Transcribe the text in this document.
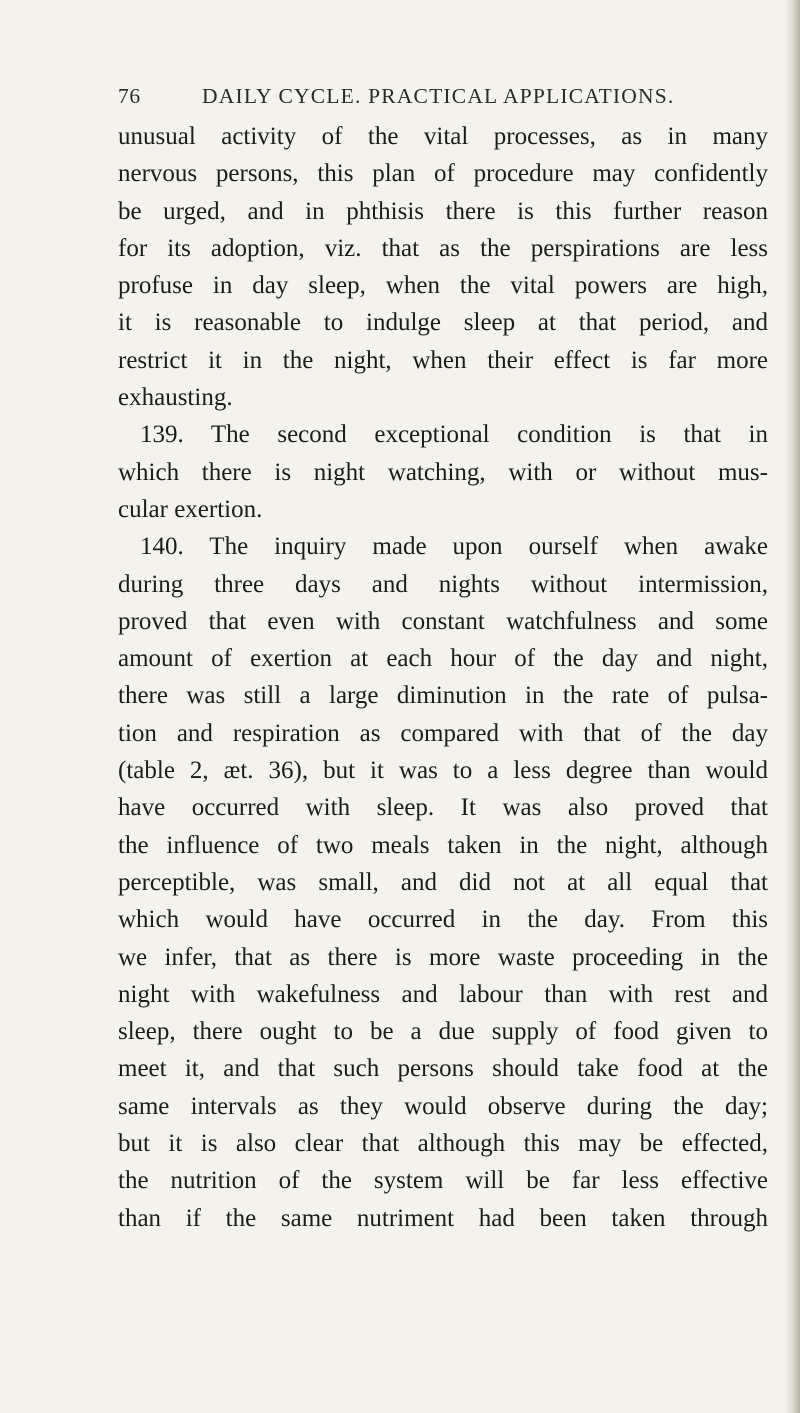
76	DAILY CYCLE. PRACTICAL APPLICATIONS.
unusual activity of the vital processes, as in many
nervous persons, this plan of procedure may confidently
be urged, and in phthisis there is this further reason
for its adoption, viz. that as the perspirations are less
profuse in day sleep, when the vital powers are high,
it is reasonable to indulge sleep at that period, and
restrict it in the night, when their effect is far more
exhausting.
139. The second exceptional condition is that in
which there is night watching, with or without mus-
cular exertion.
140. The inquiry made upon ourself when awake
during three days and nights without intermission,
proved that even with constant watchfulness and some
amount of exertion at each hour of the day and night,
there was still a large diminution in the rate of pulsa-
tion and respiration as compared with that of the day
(table 2, æt. 36), but it was to a less degree than would
have occurred with sleep. It was also proved that
the influence of two meals taken in the night, although
perceptible, was small, and did not at all equal that
which would have occurred in the day. From this
we infer, that as there is more waste proceeding in the
night with wakefulness and labour than with rest and
sleep, there ought to be a due supply of food given to
meet it, and that such persons should take food at the
same intervals as they would observe during the day;
but it is also clear that although this may be effected,
the nutrition of the system will be far less effective
than if the same nutriment had been taken through
